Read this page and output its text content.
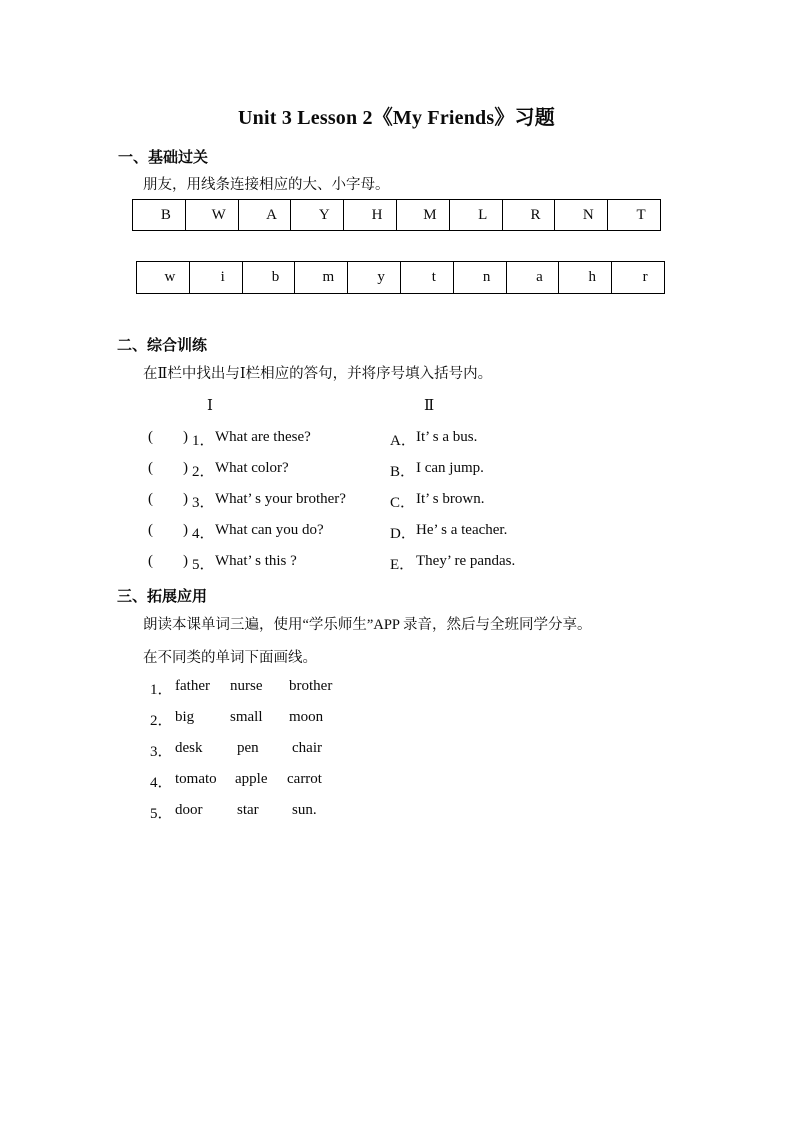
Unit 3 Lesson 2《My Friends》习题
一、基础过关
朋友，用线条连接相应的大、小字母。
B	W	A	Y	H	M	L	R	N	T
w	i	b	m	y	t	n	a	h	r
二、综合训练
在Ⅱ栏中找出与Ⅰ栏相应的答句，并将序号填入括号内。
Ⅰ	Ⅱ
( ) 1． What are these?	A． It’ s a bus.
( ) 2． What color?	B． I can jump.
( ) 3． What’ s your brother?	C． It’ s brown.
( ) 4． What can you do?	D． He’ s a teacher.
( ) 5． What’ s this ?	E． They’ re pandas.
三、拓展应用
朗读本课单词三遍，使用“学乐师生”APP 录音，然后与全班同学分享。
在不同类的单词下面画线。
1． father nurse brother
2． big small moon
3． desk pen chair
4． tomato apple carrot
5． door star sun.
